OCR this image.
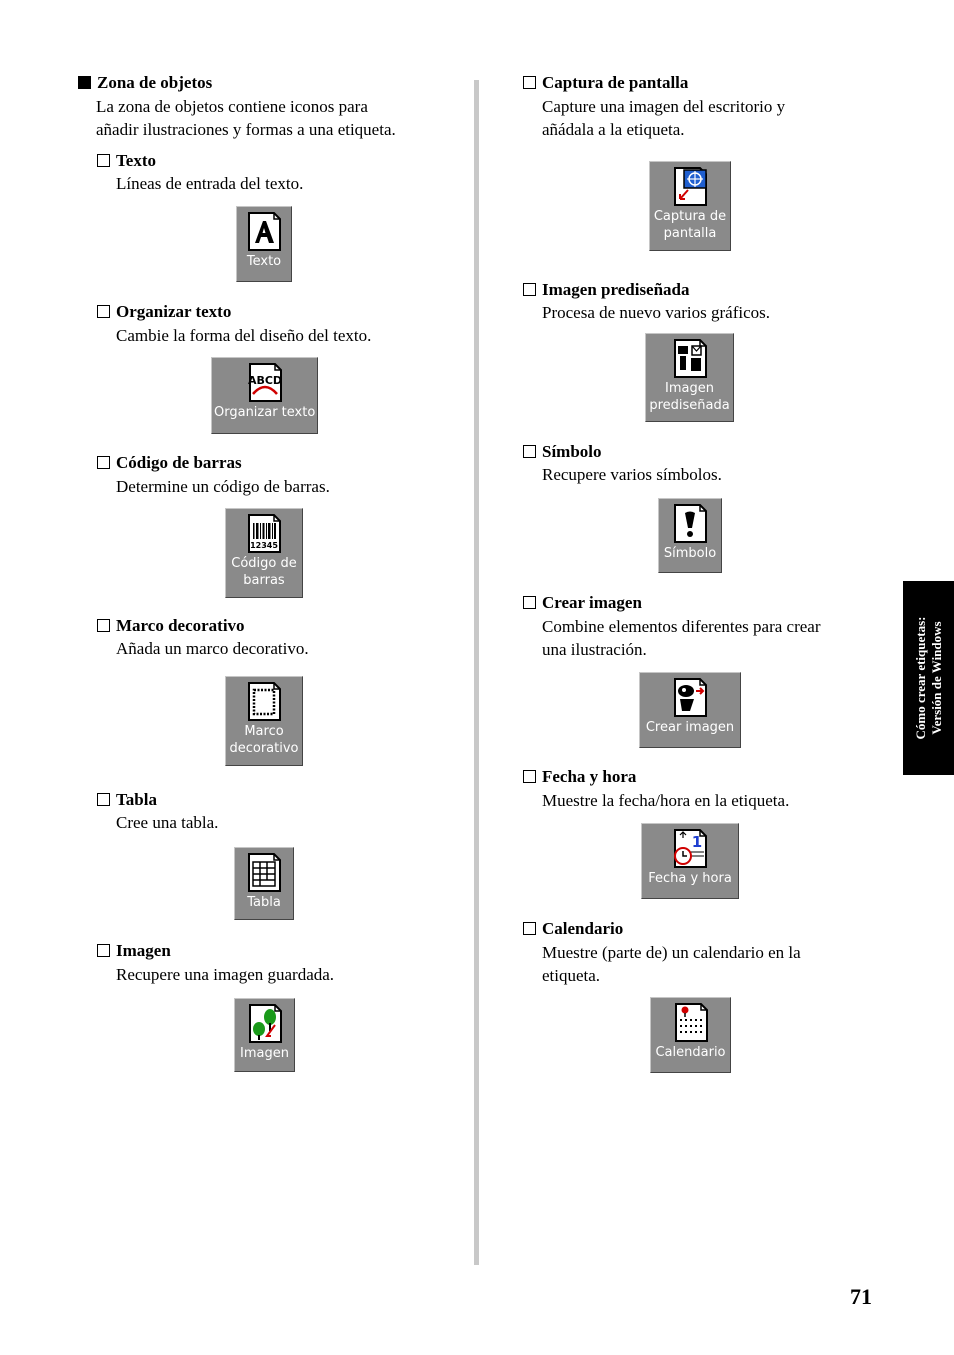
Zona de objetos
La zona de objetos contiene iconos para
añadir ilustraciones y formas a una etiqueta.
Texto
Líneas de entrada del texto.
Texto
Organizar texto
Cambie la forma del diseño del texto.
ABCD
Organizar texto
Código de barras
Determine un código de barras.
12345
Código de
barras
Marco decorativo
Añada un marco decorativo.
Marco
decorativo
Tabla
Cree una tabla.
Tabla
Imagen
Recupere una imagen guardada.
Imagen
Captura de pantalla
Capture una imagen del escritorio y
añádala a la etiqueta.
Captura de
pantalla
Imagen prediseñada
Procesa de nuevo varios gráficos.
Imagen
prediseñada
Símbolo
Recupere varios símbolos.
Símbolo
Crear imagen
Combine elementos diferentes para crear
una ilustración.
Crear imagen
Fecha y hora
Muestre la fecha/hora en la etiqueta.
1
Fecha y hora
Calendario
Muestre (parte de) un calendario en la
etiqueta.
Calendario
Cómo crear etiquetas:
Versión de Windows
71
